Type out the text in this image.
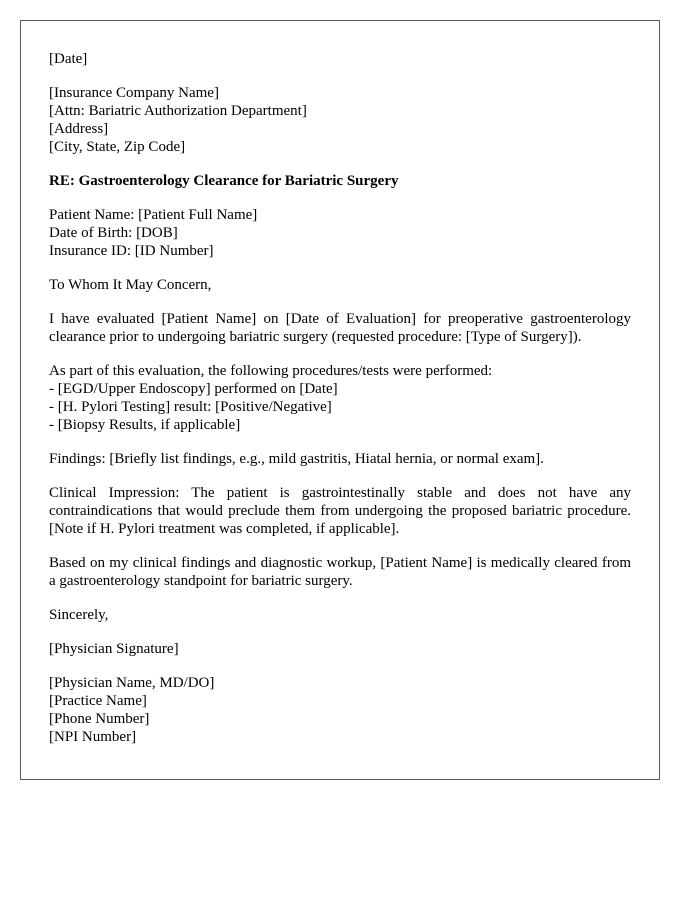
[Date]
[Insurance Company Name]
[Attn: Bariatric Authorization Department]
[Address]
[City, State, Zip Code]
RE: Gastroenterology Clearance for Bariatric Surgery
Patient Name: [Patient Full Name]
Date of Birth: [DOB]
Insurance ID: [ID Number]
To Whom It May Concern,

I have evaluated [Patient Name] on [Date of Evaluation] for preoperative gastroenterology clearance prior to undergoing bariatric surgery (requested procedure: [Type of Surgery]).

As part of this evaluation, the following procedures/tests were performed:
- [EGD/Upper Endoscopy] performed on [Date]
- [H. Pylori Testing] result: [Positive/Negative]
- [Biopsy Results, if applicable]

Findings: [Briefly list findings, e.g., mild gastritis, Hiatal hernia, or normal exam].

Clinical Impression: The patient is gastrointestinally stable and does not have any contraindications that would preclude them from undergoing the proposed bariatric procedure. [Note if H. Pylori treatment was completed, if applicable].

Based on my clinical findings and diagnostic workup, [Patient Name] is medically cleared from a gastroenterology standpoint for bariatric surgery.

Sincerely,
[Physician Signature]
[Physician Name, MD/DO]
[Practice Name]
[Phone Number]
[NPI Number]
